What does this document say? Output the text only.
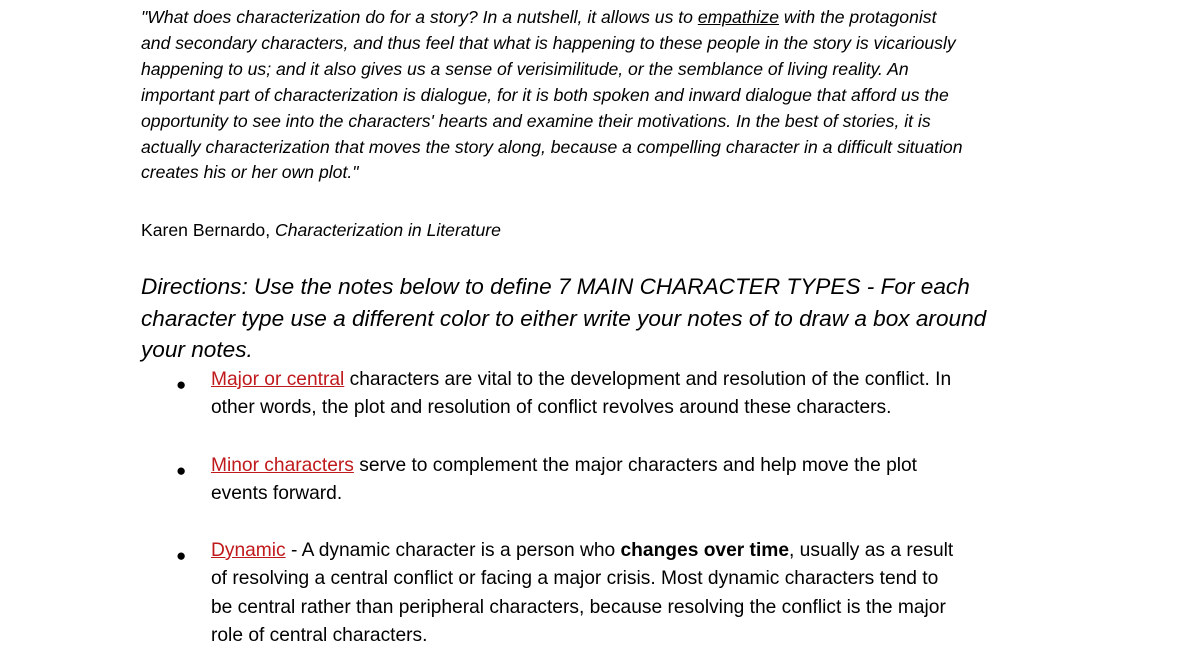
"What does characterization do for a story? In a nutshell, it allows us to empathize with the protagonist
and secondary characters, and thus feel that what is happening to these people in the story is vicariously
happening to us; and it also gives us a sense of verisimilitude, or the semblance of living reality. An
important part of characterization is dialogue, for it is both spoken and inward dialogue that afford us the
opportunity to see into the characters' hearts and examine their motivations. In the best of stories, it is
actually characterization that moves the story along, because a compelling character in a difficult situation
creates his or her own plot."

Karen Bernardo, Characterization in Literature

Directions: Use the notes below to define 7 MAIN CHARACTER TYPES - For each
character type use a different color to either write your notes of to draw a box around
your notes.

● Major or central characters are vital to the development and resolution of the conflict. In
other words, the plot and resolution of conflict revolves around these characters.
● Minor characters serve to complement the major characters and help move the plot
events forward.
● Dynamic - A dynamic character is a person who changes over time, usually as a result
of resolving a central conflict or facing a major crisis. Most dynamic characters tend to
be central rather than peripheral characters, because resolving the conflict is the major
role of central characters.
